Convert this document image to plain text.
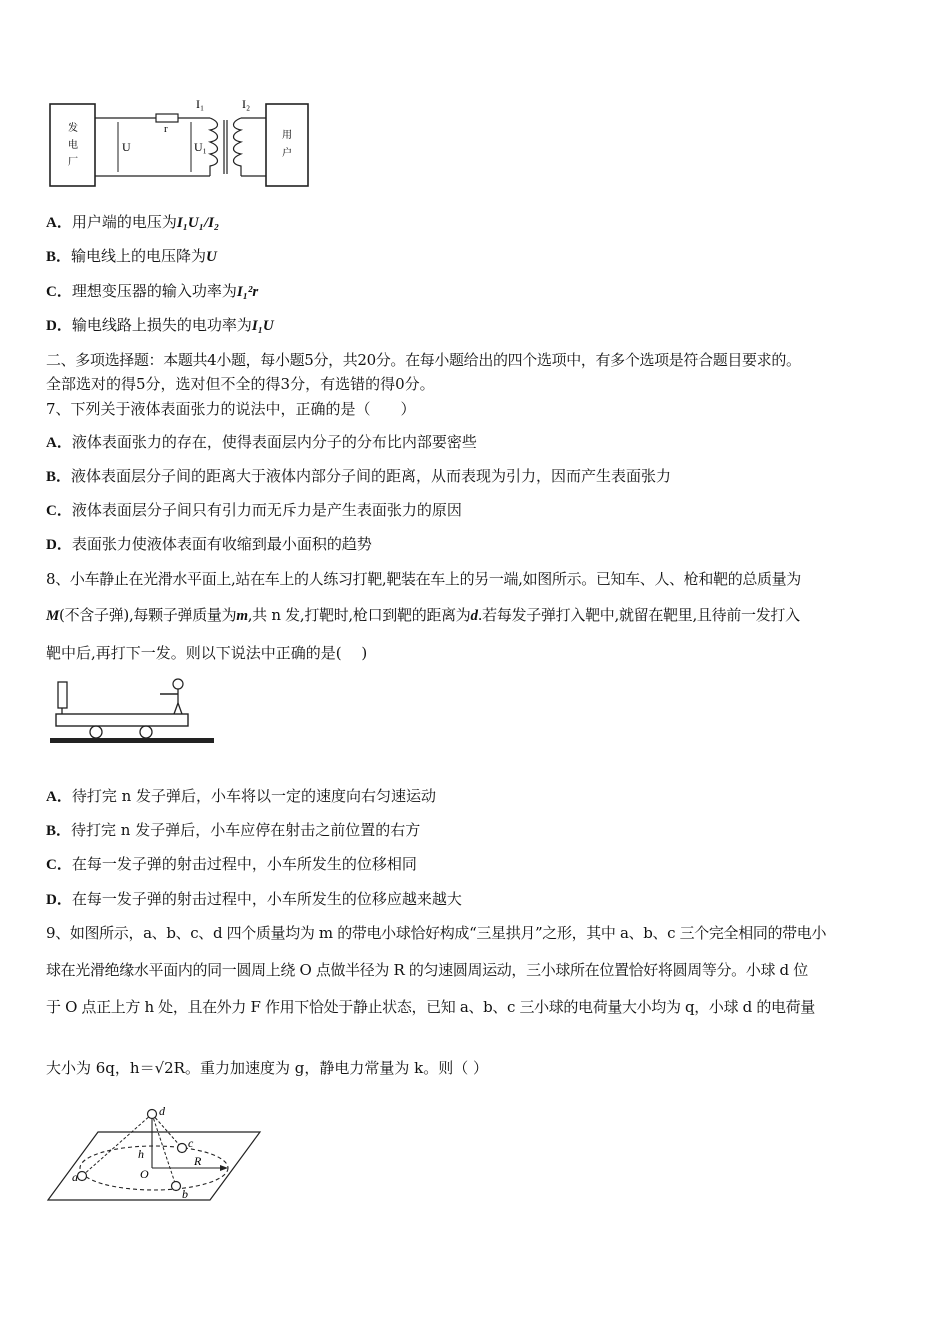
发
电
厂
r
U	U₁
I₁	I₂
用
户
A．用户端的电压为I₁U₁/I₂
B．输电线上的电压降为U
C．理想变压器的输入功率为I₁²r
D．输电线路上损失的电功率为I₁U
二、多项选择题：本题共4小题，每小题5分，共20分。在每小题给出的四个选项中，有多个选项是符合题目要求的。
全部选对的得5分，选对但不全的得3分，有选错的得0分。
7、下列关于液体表面张力的说法中，正确的是（　　）
A．液体表面张力的存在，使得表面层内分子的分布比内部要密些
B．液体表面层分子间的距离大于液体内部分子间的距离，从而表现为引力，因而产生表面张力
C．液体表面层分子间只有引力而无斥力是产生表面张力的原因
D．表面张力使液体表面有收缩到最小面积的趋势
8、小车静止在光滑水平面上,站在车上的人练习打靶,靶装在车上的另一端,如图所示。已知车、人、枪和靶的总质量为
M(不含子弹),每颗子弹质量为m,共 n 发,打靶时,枪口到靶的距离为d.若每发子弹打入靶中,就留在靶里,且待前一发打入
靶中后,再打下一发。则以下说法中正确的是(　 )
A．待打完 n 发子弹后，小车将以一定的速度向右匀速运动
B．待打完 n 发子弹后，小车应停在射击之前位置的右方
C．在每一发子弹的射击过程中，小车所发生的位移相同
D．在每一发子弹的射击过程中，小车所发生的位移应越来越大
9、如图所示，a、b、c、d 四个质量均为 m 的带电小球恰好构成“三星拱月”之形，其中 a、b、c 三个完全相同的带电小
球在光滑绝缘水平面内的同一圆周上绕 O 点做半径为 R 的匀速圆周运动，三小球所在位置恰好将圆周等分。小球 d 位
于 O 点正上方 h 处，且在外力 F 作用下恰处于静止状态，已知 a、b、c 三小球的电荷量大小均为 q，小球 d 的电荷量
大小为 6q，h＝√2R。重力加速度为 g，静电力常量为 k。则（ ）
d
a
b
c
h
O
R
